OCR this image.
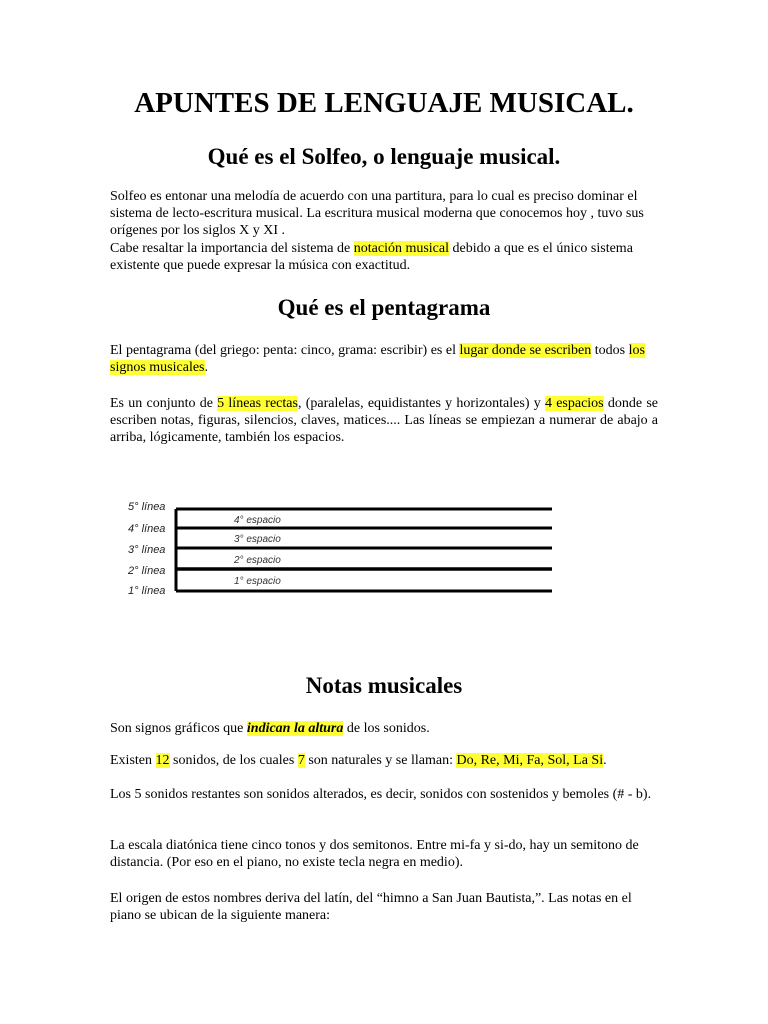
APUNTES DE LENGUAJE MUSICAL.
Qué es el Solfeo, o lenguaje musical.

Solfeo es entonar una melodía de acuerdo con una partitura, para lo cual es preciso dominar el sistema de lecto-escritura musical. La escritura musical moderna que conocemos hoy , tuvo sus orígenes por los siglos X y XI .

Cabe resaltar la importancia del sistema de notación musical debido a que es el único sistema existente que puede expresar la música con exactitud.

Qué es el pentagrama

El pentagrama (del griego: penta: cinco, grama: escribir) es el lugar donde se escriben todos los signos musicales.

Es un conjunto de 5 líneas rectas, (paralelas, equidistantes y horizontales) y 4 espacios donde se escriben notas, figuras, silencios, claves, matices.... Las líneas se empiezan a numerar de abajo a arriba, lógicamente, también los espacios.

5° línea
4° línea
3° línea
2° línea
1° línea
4° espacio
3° espacio
2° espacio
1° espacio
Notas musicales

Son signos gráficos que indican la altura de los sonidos.

Existen 12 sonidos, de los cuales 7 son naturales y se llaman: Do, Re, Mi, Fa, Sol, La Si.

Los 5 sonidos restantes son sonidos alterados, es decir, sonidos con sostenidos y bemoles (# - b).

La escala diatónica tiene cinco tonos y dos semitonos. Entre mi-fa y si-do, hay un semitono de distancia. (Por eso en el piano, no existe tecla negra en medio).

El origen de estos nombres deriva del latín, del “himno a San Juan Bautista,”. Las notas en el piano se ubican de la siguiente manera:
